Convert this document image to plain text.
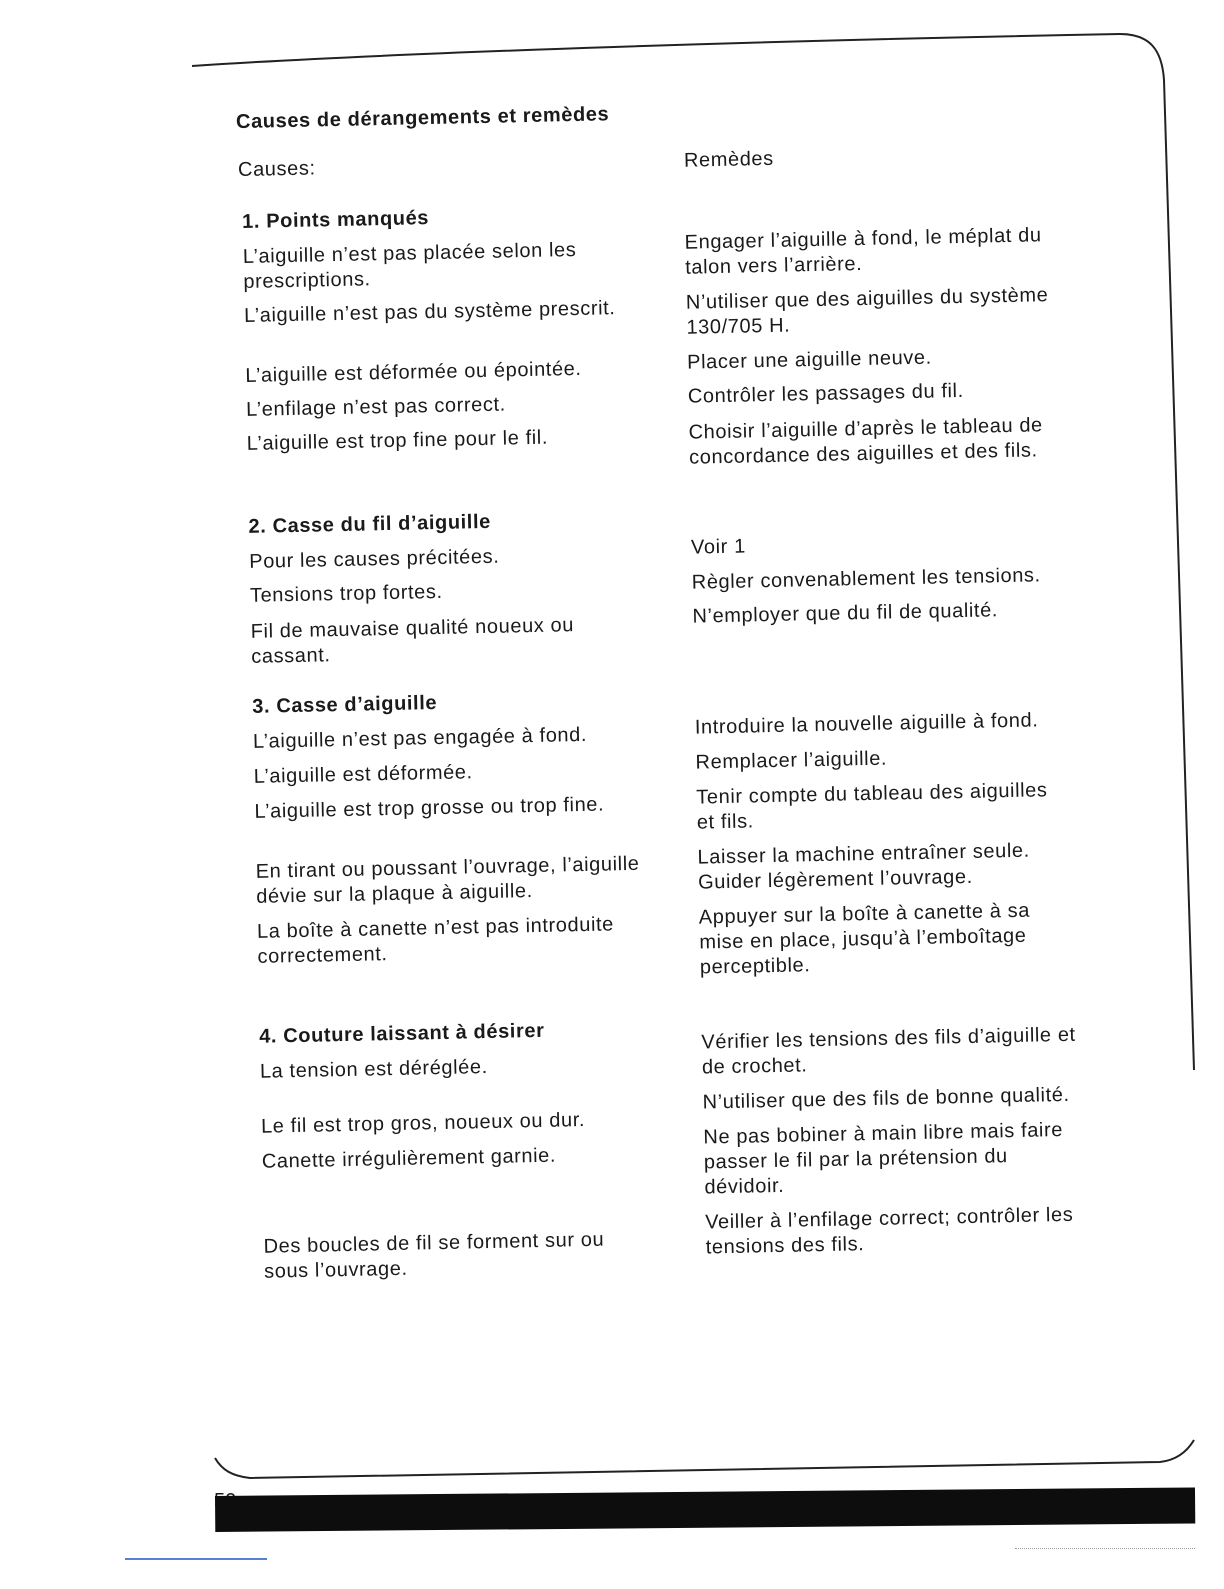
Causes de dérangements et remèdes
Causes:	Remèdes
1. Points manqués
L’aiguille n’est pas placée selon les
prescriptions.
L’aiguille n’est pas du système prescrit.
L’aiguille est déformée ou épointée.
L’enfilage n’est pas correct.
L’aiguille est trop fine pour le fil.
Engager l’aiguille à fond, le méplat du
talon vers l’arrière.
N’utiliser que des aiguilles du système
130/705 H.
Placer une aiguille neuve.
Contrôler les passages du fil.
Choisir l’aiguille d’après le tableau de
concordance des aiguilles et des fils.
2. Casse du fil d’aiguille
Pour les causes précitées.
Tensions trop fortes.
Fil de mauvaise qualité noueux ou
cassant.
Voir 1
Règler convenablement les tensions.
N’employer que du fil de qualité.
3. Casse d’aiguille
L’aiguille n’est pas engagée à fond.
L’aiguille est déformée.
L’aiguille est trop grosse ou trop fine.
En tirant ou poussant l’ouvrage, l’aiguille
dévie sur la plaque à aiguille.
La boîte à canette n’est pas introduite
correctement.
Introduire la nouvelle aiguille à fond.
Remplacer l’aiguille.
Tenir compte du tableau des aiguilles
et fils.
Laisser la machine entraîner seule.
Guider légèrement l’ouvrage.
Appuyer sur la boîte à canette à sa
mise en place, jusqu’à l’emboîtage
perceptible.
4. Couture laissant à désirer
La tension est déréglée.
Le fil est trop gros, noueux ou dur.
Canette irrégulièrement garnie.
Des boucles de fil se forment sur ou
sous l’ouvrage.
Vérifier les tensions des fils d’aiguille et
de crochet.
N’utiliser que des fils de bonne qualité.
Ne pas bobiner à main libre mais faire
passer le fil par la prétension du
dévidoir.
Veiller à l’enfilage correct; contrôler les
tensions des fils.
